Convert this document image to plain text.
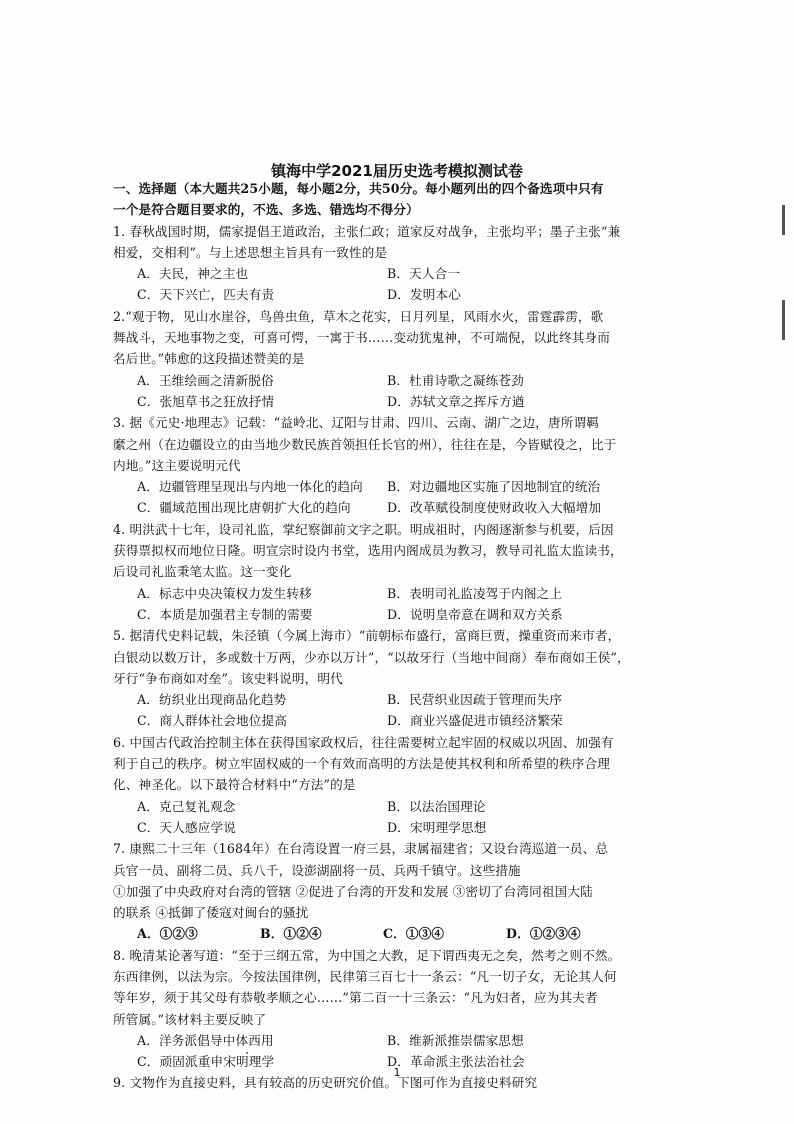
镇海中学2021届历史选考模拟测试卷
一、选择题（本大题共25小题，每小题2分，共50分。每小题列出的四个备选项中只有
一个是符合题目要求的，不选、多选、错选均不得分）
1. 春秋战国时期，儒家提倡王道政治，主张仁政；道家反对战争，主张均平；墨子主张“兼
相爱，交相利”。与上述思想主旨具有一致性的是
A．夫民，神之主也	B．天人合一
C．天下兴亡，匹夫有责	D．发明本心
2.“观于物，见山水崖谷，鸟兽虫鱼，草木之花实，日月列星，风雨水火，雷霆霹雳，歌
舞战斗，天地事物之变，可喜可愕，一寓于书……变动犹鬼神，不可端倪，以此终其身而
名后世。”韩愈的这段描述赞美的是
A．王维绘画之清新脱俗	B．杜甫诗歌之凝练苍劲
C．张旭草书之狂放抒情	D．苏轼文章之挥斥方遒
3. 据《元史·地理志》记载：“益岭北、辽阳与甘肃、四川、云南、湖广之边，唐所谓羁
縻之州（在边疆设立的由当地少数民族首领担任长官的州），往往在是，今皆赋役之，比于
内地。”这主要说明元代
A．边疆管理呈现出与内地一体化的趋向	B．对边疆地区实施了因地制宜的统治
C．疆域范围出现比唐朝扩大化的趋向	D．改革赋役制度使财政收入大幅增加
4. 明洪武十七年，设司礼监，掌纪察御前文字之职。明成祖时，内阁逐渐参与机要，后因
获得票拟权而地位日隆。明宣宗时设内书堂，选用内阁成员为教习，教导司礼监太监读书，
后设司礼监秉笔太监。这一变化
A．标志中央决策权力发生转移	B．表明司礼监凌驾于内阁之上
C．本质是加强君主专制的需要	D．说明皇帝意在调和双方关系
5. 据清代史料记载，朱泾镇（今属上海市）“前朝标布盛行，富商巨贾，操重资而来市者，
白银动以数万计，多或数十万两，少亦以万计”，“以故牙行（当地中间商）奉布商如王侯”，
牙行“争布商如对垒”。该史料说明，明代
A．纺织业出现商品化趋势	B．民营织业因疏于管理而失序
C．商人群体社会地位提高	D．商业兴盛促进市镇经济繁荣
6. 中国古代政治控制主体在获得国家政权后，往往需要树立起牢固的权威以巩固、加强有
利于自己的秩序。树立牢固权威的一个有效而高明的方法是使其权利和所希望的秩序合理
化、神圣化。以下最符合材料中“方法”的是
A．克己复礼观念	B．以法治国理论
C．天人感应学说	D．宋明理学思想
7. 康熙二十三年（1684年）在台湾设置一府三县，隶属福建省；又设台湾巡道一员、总
兵官一员、副将二员、兵八千，设澎湖副将一员、兵两千镇守。这些措施
①加强了中央政府对台湾的管辖 ②促进了台湾的开发和发展 ③密切了台湾同祖国大陆
的联系 ④抵御了倭寇对闽台的骚扰
A．①②③	B．①②④	C．①③④	D．①②③④
8. 晚清某论著写道：“至于三纲五常，为中国之大教，足下谓西夷无之矣，然考之则不然。
东西律例，以法为宗。今按法国律例，民律第三百七十一条云：“凡一切子女，无论其人何
等年岁，须于其父母有恭敬孝顺之心……”第二百一十三条云：“凡为妇者，应为其夫者
所管属。”该材料主要反映了
A．洋务派倡导中体西用	B．维新派推崇儒家思想
C．顽固派重申宋明理学	D．革命派主张法治社会
9. 文物作为直接史料，具有较高的历史研究价值。下图可作为直接史料研究
1
